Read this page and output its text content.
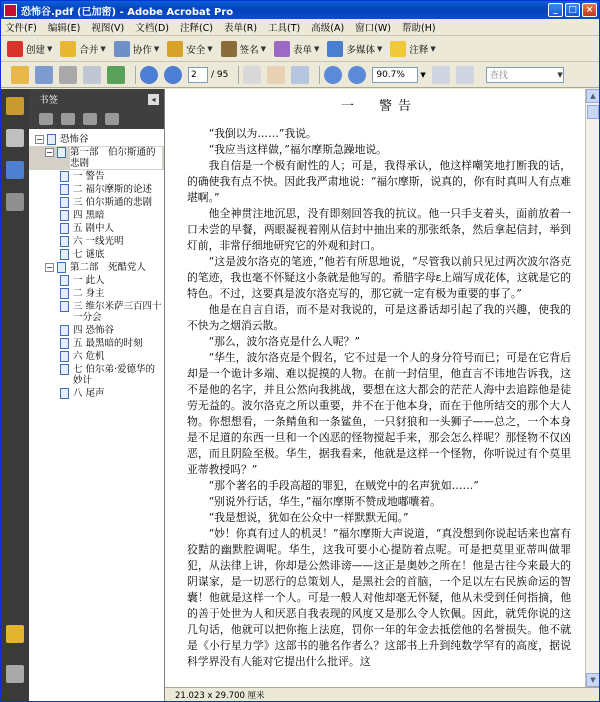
恐怖谷.pdf (已加密) - Adobe Acrobat Pro	_	□ ×
文件(F) 编辑(E) 视图(V) 文档(D) 注释(C) 表单(R) 工具(T) 高级(A) 窗口(W) 帮助(H)
创建 ▼	合并 ▼	协作 ▼	安全 ▼	签名 ▼	表单 ▼	多媒体 ▼	注释 ▼
2
/ 95	90.7%	▼	查找	▼
书签	◂
− 恐怖谷
− 第一部　伯尔斯通的悲剧
一 警告
二 福尔摩斯的论述
三 伯尔斯通的悲剧
四 黑暗
五 剧中人
六 一线光明
七 谜底
− 第二部　死酷党人
一 此人
二 身主
三 维尔米萨三百四十一分会
四 恐怖谷
五 最黑暗的时刻
六 危机
七 伯尔弟·爱德华的妙计
八 尾声
一　警告

“我倒以为……”我说。

“我应当这样做，”福尔摩斯急躁地说。

我自信是一个极有耐性的人；可是，我得承认，他这样嘲笑地打断我的话，的确使我有点不快。因此我严肃地说：“福尔摩斯，说真的，你有时真叫人有点难堪啊。”

他全神贯注地沉思，没有即刻回答我的抗议。他一只手支着头，面前放着一口未尝的早餐，两眼凝视着刚从信封中抽出来的那张纸条，然后拿起信封，举到灯前，非常仔细地研究它的外观和封口。

“这是波尔洛克的笔迹，”他若有所思地说，“尽管我以前只见过两次波尔洛克的笔迹，我也毫不怀疑这小条就是他写的。希腊字母ε上端写成花体，这就是它的特色。不过，这要真是波尔洛克写的，那它就一定有极为重要的事了。”

他是在自言自语，而不是对我说的，可是这番话却引起了我的兴趣，使我的不快为之烟消云散。

“那么，波尔洛克是什么人呢？”

“华生，波尔洛克是个假名，它不过是一个人的身分符号而已；可是在它背后却是一个诡计多端、难以捉摸的人物。在前一封信里，他直言不讳地告诉我，这不是他的名字，并且公然向我挑战，要想在这大都会的茫茫人海中去追踪他是徒劳无益的。波尔洛克之所以重要，并不在于他本身，而在于他所结交的那个大人物。你想想看，一条鲭鱼和一条鲨鱼，一只豺狼和一头狮子——总之，一个本身是不足道的东西一旦和一个凶恶的怪物搅起手来，那会怎么样呢？那怪物不仅凶恶，而且阴险至极。华生，据我看来，他就是这样一个怪物，你听说过有个莫里亚蒂教授吗？”

“那个著名的手段高超的罪犯，在贼党中的名声犹如……”

“别说外行话，华生，”福尔摩斯不赞成地嘟囔着。

“我是想说，犹如在公众中一样默默无闻。”

“妙！你真有过人的机灵！”福尔摩斯大声说道，“真没想到你说起话来也富有狡黠的幽默腔调呢。华生，这我可要小心提防着点呢。可是把莫里亚蒂叫做罪犯，从法律上讲，你却是公然诽谤——这正是奥妙之所在！他是古往今来最大的阴谋家，是一切恶行的总策划人，是黑社会的首脑，一个足以左右民族命运的智囊！他就是这样一个人。可是一般人对他却毫无怀疑，他从未受到任何指摘，他的善于处世为人和厌恶自我表现的风度又是那么令人钦佩。因此，就凭你说的这几句话，他就可以把你拖上法庭，罚你一年的年金去抵偿他的名誉损失。他不就是《小行星力学》这部书的驰名作者么？这部书上升到纯数学罕有的高度，据说科学界没有人能对它提出什么批评。这

▲
▼
21.023 x 29.700 厘米
